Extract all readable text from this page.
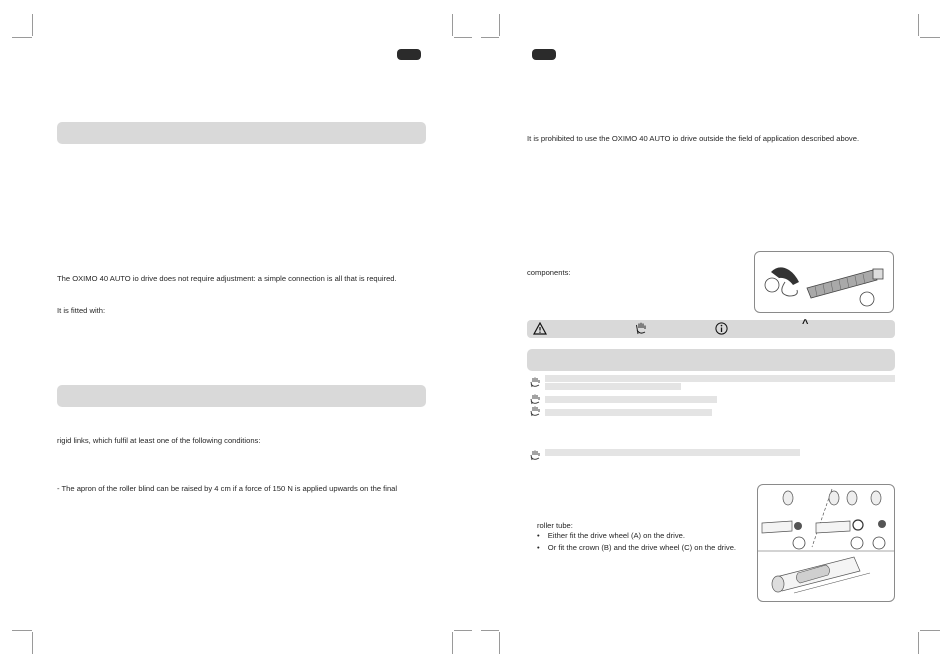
The OXIMO 40 AUTO io drive does not require adjustment: a simple connection is all that is required.
It is fitted with:
rigid links, which fulfil at least one of the following conditions:
- The apron of the roller blind can be raised by 4 cm if a force of 150 N is applied upwards on the final
It is prohibited to use the OXIMO 40 AUTO io drive outside the field of application described above.
components:
^
roller tube:
• Either fit the drive wheel (A) on the drive.
• Or fit the crown (B) and the drive wheel (C) on the drive.
